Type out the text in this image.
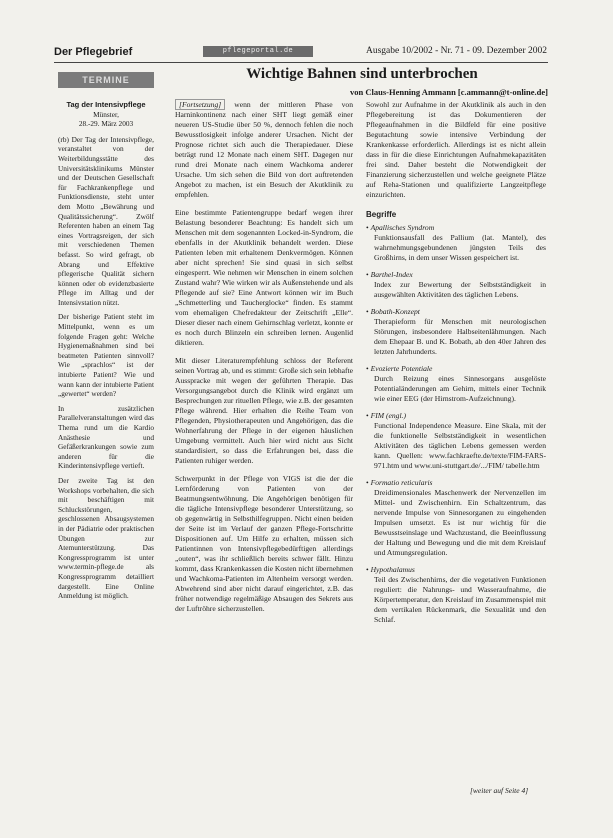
Der Pflegebrief	pflegeportal.de	Ausgabe 10/2002 - Nr. 71 - 09. Dezember 2002
TERMINE	Wichtige Bahnen sind unterbrochen
von Claus-Henning Ammann [c.ammann@t-online.de]
Tag der Intensivpflege
Münster,
28.-29. März 2003

(rb) Der Tag der Intensivpflege, veranstaltet von der Weiterbildungsstätte des Universitätsklinikums Münster und der Deutschen Gesellschaft für Fachkrankenpflege und Funktionsdienste, steht unter dem Motto „Bewährung und Qualitätssicherung“. Zwölf Referenten haben an einem Tag eines Vortragsreigen, der sich mit verschiedenen Themen befasst. So wird gefragt, ob Abrang und Effektive pflegerische Qualität sichern können oder ob evidenzbasierte Pflege im Alltag und der Intensivstation nützt.

Der bisherige Patient steht im Mittelpunkt, wenn es um folgende Fragen geht: Welche Hygienemaßnahmen sind bei beatmeten Patienten sinnvoll? Wie „sprachlos“ ist der intubierte Patient? Wie und wann kann der intubierte Patient „gewertet“ werden?

In zusätzlichen Parallelveranstaltungen wird das Thema rund um die Kardio Anästhesie und Gefäßerkrankungen sowie zum anderen für die Kinderintensivpflege vertieft.

Der zweite Tag ist den Workshops vorbehalten, die sich mit beschäftigen mit Schluckstörungen, geschlossenen Absaugsystemen in der Pädiatrie oder praktischen Übungen zur Atemunterstützung. Das Kongressprogramm ist unter www.termin-pflege.de als Kongressprogramm detailliert dargestellt. Eine Online Anmeldung ist möglich.

[Fortsetzung] wenn der mittleren Phase von Harninkontinenz nach einer SHT liegt gemäß einer neueren US-Studie über 50 %, dennoch fehlen die noch Bewusstlosigkeit infolge anderer Ursachen. Nicht der Prognose richtet sich auch die Therapiedauer. Diese beträgt rund 12 Monate nach einem SHT. Dagegen nur rund drei Monate nach einem Wachkoma anderer Ursache. Um sich sehen die Bild von dort auftretenden Angebot zu machen, ist ein Besuch der Akutklinik zu empfehlen.

Eine bestimmte Patientengruppe bedarf wegen ihrer Belastung besonderer Beachtung: Es handelt sich um Menschen mit dem sogenannten Locked-in-Syndrom, die ebenfalls in der Akutklinik behandelt werden. Diese Patienten leben mit erhaltenem Denkvermögen. Können aber nicht sprechen! Sie sind quasi in sich selbst eingesperrt. Wie nehmen wir Menschen in einem solchen Zustand wahr? Wie wirken wir als Außenstehende und als Pflegende auf sie? Eine Antwort können wir im Buch „Schmetterling und Taucherglocke“ finden. Es stammt vom ehemaligen Chefredakteur der Zeitschrift „Elle“. Dieser dieser nach einem Gehirnschlag verletzt, konnte er es noch durch Blinzeln ein schreiben lernen. Augenlid diktieren.

Mit dieser Literaturempfehlung schloss der Referent seinen Vortrag ab, und es stimmt: Große sich sein lebhafte Ausspracke mit wegen der geführten Therapie. Das Versorgungsangebot durch die Klinik wird ergänzt um Besprechungen zur rituellen Pflege, wie z.B. der gesamten Pflege während. Hier erhalten die Reihe Team von Pflegenden, Physiotherapeuten und Angehörigen, das die Wohnerfahrung der Pflege in der eigenen häuslichen Umgebung vermittelt. Auch hier wird nicht aus Sicht standardisiert, so dass die Erfahrungen bei, dass die Patienten ruhiger werden.

Schwerpunkt in der Pflege von VIGS ist die der die Lernförderung von Patienten von der Beatmungsentwöhnung. Die Angehörigen benötigen für die tägliche Intensivpflege besonderer Unterstützung, so ob gegenwärtig in Selbsthilfegruppen. Nicht einen beiden der Seite ist im Verlauf der ganzen Pflege-Fortschritte Dispositionen auf. Um Hilfe zu erhalten, müssen sich Patientinnen von Intensivpflegebedürftigen allerdings „outen“, was ihr schließlich bereits schwer fällt. Hinzu kommt, dass Krankenkassen die Kosten nicht übernehmen und Wachkoma-Patienten im Altenheim versorgt werden. Abwehrend sind aber nicht darauf eingerichtet, z.B. das früher notwendige regelmäßige Absaugen des Sekrets aus der Luftröhre sicherzustellen.

Sowohl zur Aufnahme in der Akutklinik als auch in den Pflegebereitung ist das Dokumentieren der Pflegeaufnahmen in die Bildfeld für eine positive Begutachtung sowie intensive Verbindung der Krankenkasse erforderlich. Allerdings ist es nicht allein dass in für die diese Einrichtungen Aufnahmekapazitäten frei sind. Daher besteht die Notwendigkeit der Finanzierung sicherzustellen und welche geeignete Plätze auf Reha-Stationen und qualifizierte Langzeitpflege einzurichten.

Begriffe
• Apallisches Syndrom
Funktionsausfall des Pallium (lat. Mantel), des wahrnehmungsgebundenen jüngsten Teils des Großhirns, in dem unser Wissen gespeichert ist.
• Barthel-Index
Index zur Bewertung der Selbstständigkeit in ausgewählten Aktivitäten des täglichen Lebens.
• Bobath-Konzept
Therapieform für Menschen mit neurologischen Störungen, insbesondere Halbseitenlähmungen. Nach dem Ehepaar B. und K. Bobath, ab den 40er Jahren des letzten Jahrhunderts.
• Evozierte Potentiale
Durch Reizung eines Sinnesorgans ausgelöste Potentialänderungen am Gehirn, mittels einer Technik wie einer EEG (der Hirnstrom-Aufzeichnung).
• FIM (engl.)
Functional Independence Measure. Eine Skala, mit der die funktionelle Selbstständigkeit in wesentlichen Aktivitäten des täglichen Lebens gemessen werden kann. Quellen: www.fachkraefte.de/texte/FIM-FARS-971.htm und www.uni-stuttgart.de/.../FIM/ tabelle.htm
• Formatio reticularis
Dreidimensionales Maschenwerk der Nervenzellen im Mittel- und Zwischenhirn. Ein Schaltzentrum, das nervende Impulse von Sinnesorganen zu eingehenden Impulsen umsetzt. Es ist nur wichtig für die Bewusstseinslage und Wachzustand, die Beeinflussung der Haltung und Bewegung und die mit dem Kreislauf und Atmungsregulation.
• Hypothalamus
Teil des Zwischenhirns, der die vegetativen Funktionen reguliert: die Nahrungs- und Wasseraufnahme, die Körpertemperatur, den Kreislauf im Zusammenspiel mit dem vertikalen Rückenmark, die Sexualität und den Schlaf.
[weiter auf Seite 4]
